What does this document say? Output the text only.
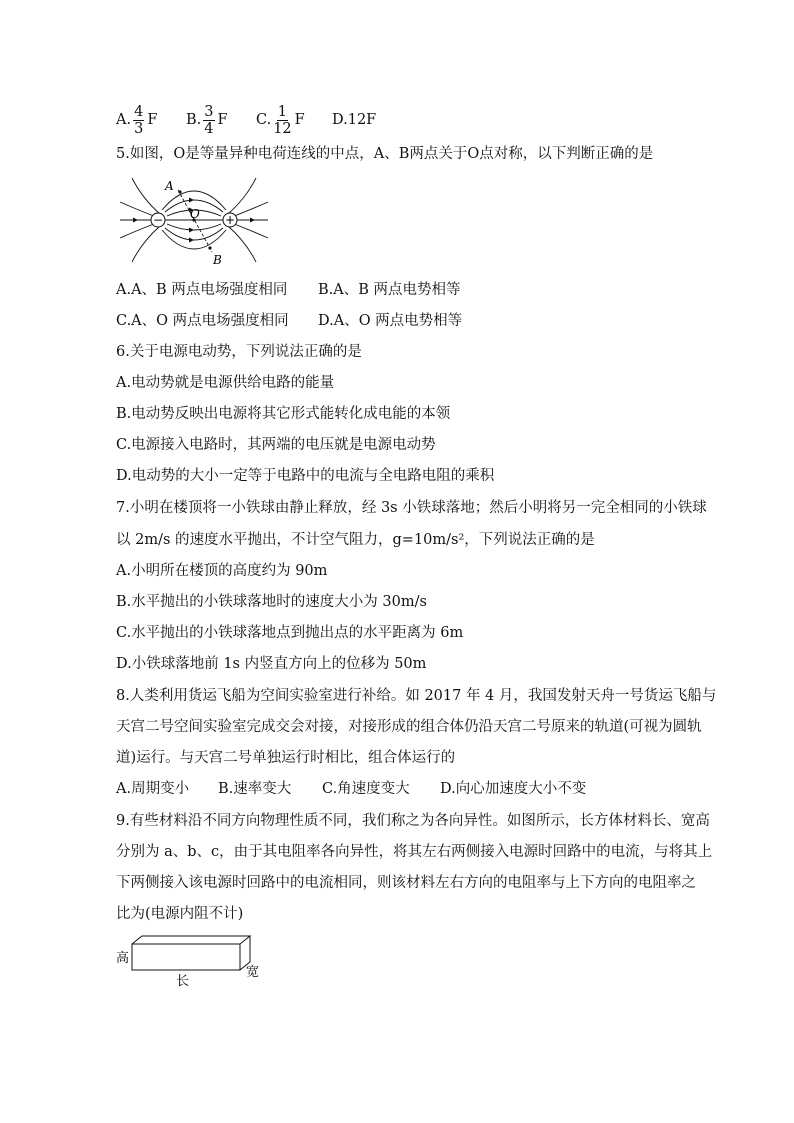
A. $\frac{4}{3}$ F B. $\frac{3}{4}$ F C. $\frac{1}{12}$ F D.12F
5.如图，O是等量异种电荷连线的中点，A、B两点关于O点对称，以下判断正确的是
−	+
A
O
B
A.A、B 两点电场强度相同 B.A、B 两点电势相等
C.A、O 两点电场强度相同 D.A、O 两点电势相等
6.关于电源电动势，下列说法正确的是
A.电动势就是电源供给电路的能量
B.电动势反映出电源将其它形式能转化成电能的本领
C.电源接入电路时，其两端的电压就是电源电动势
D.电动势的大小一定等于电路中的电流与全电路电阻的乘积
7.小明在楼顶将一小铁球由静止释放，经 3s 小铁球落地；然后小明将另一完全相同的小铁球
以 2m/s 的速度水平抛出，不计空气阻力，g=10m/s²，下列说法正确的是
A.小明所在楼顶的高度约为 90m
B.水平抛出的小铁球落地时的速度大小为 30m/s
C.水平抛出的小铁球落地点到抛出点的水平距离为 6m
D.小铁球落地前 1s 内竖直方向上的位移为 50m
8.人类利用货运飞船为空间实验室进行补给。如 2017 年 4 月，我国发射天舟一号货运飞船与
天宫二号空间实验室完成交会对接，对接形成的组合体仍沿天宫二号原来的轨道(可视为圆轨
道)运行。与天宫二号单独运行时相比，组合体运行的
A.周期变小 B.速率变大 C.角速度变大 D.向心加速度大小不变
9.有些材料沿不同方向物理性质不同，我们称之为各向异性。如图所示，长方体材料长、宽高
分别为 a、b、c，由于其电阻率各向异性，将其左右两侧接入电源时回路中的电流，与将其上
下两侧接入该电源时回路中的电流相同，则该材料左右方向的电阻率与上下方向的电阻率之
比为(电源内阻不计)
高
长
宽
